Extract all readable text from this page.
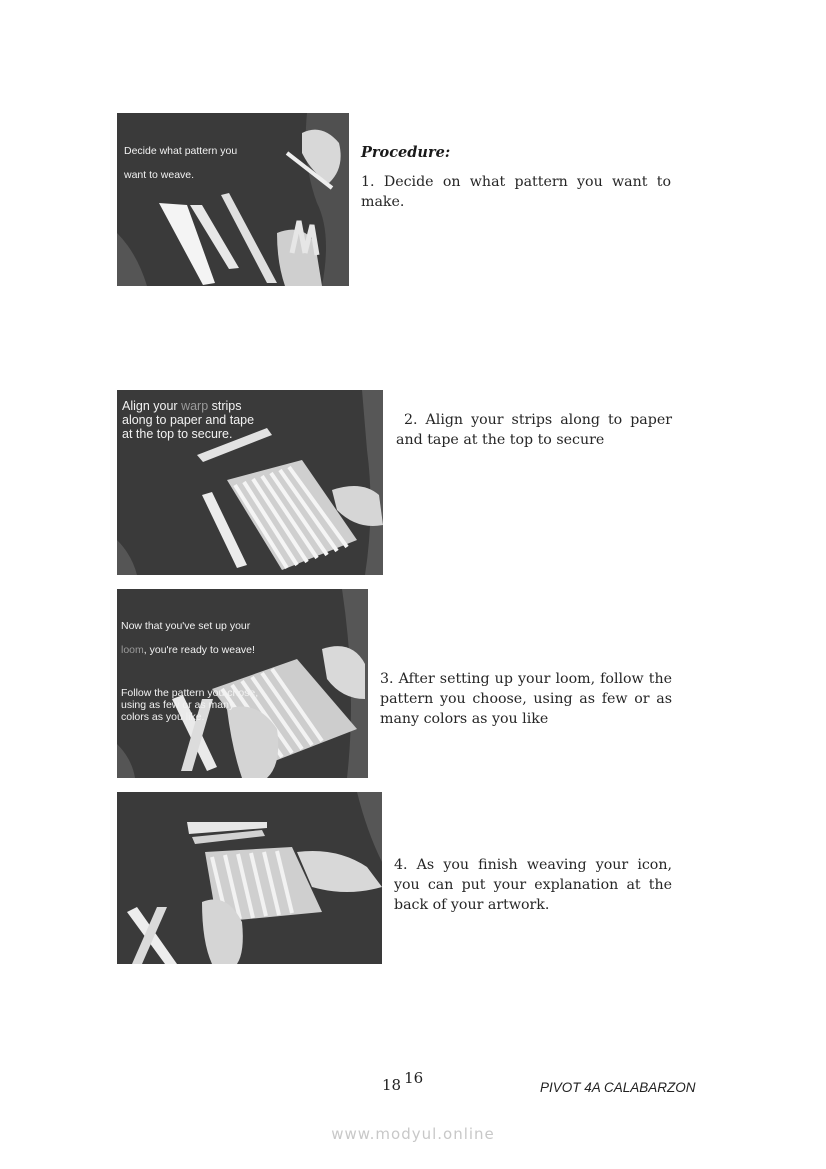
Decide what pattern you

want to weave.

Procedure:
1. Decide on what pattern you want to make.
Align your warp strips
along to paper and tape
at the top to secure.
2. Align your strips along to paper and tape at the top to secure

Now that you've set up your

loom, you're ready to weave!

Follow the pattern you chose,
using as few or as many
colors as you like.

3. After setting up your loom, follow the pattern you choose, using as few or as many colors as you like
4. As you finish weaving your icon, you can put your explanation at the back of your artwork.
18 $^{16}$
PIVOT 4A CALABARZON
www.modyul.online
